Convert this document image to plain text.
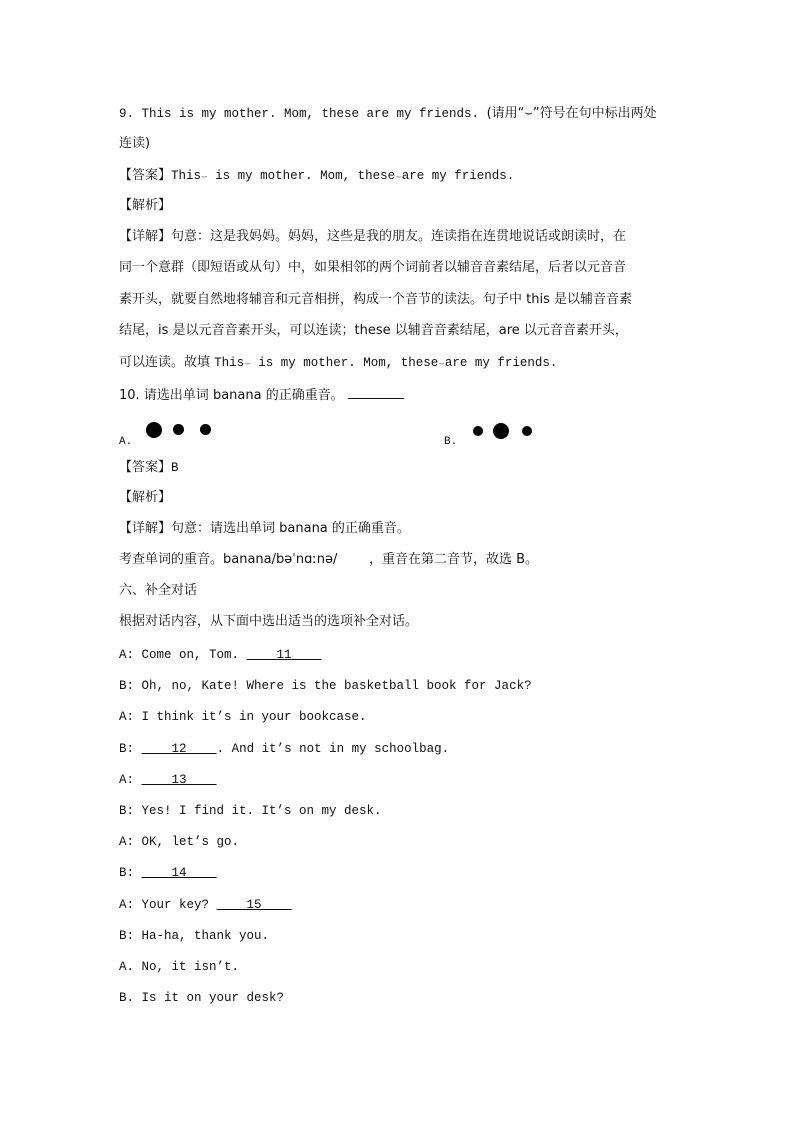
9. This is my mother. Mom, these are my friends. (请用“⌣”符号在句中标出两处
连读)
【答案】This⌣ is my mother. Mom, these⌣are my friends.
【解析】
【详解】句意：这是我妈妈。妈妈，这些是我的朋友。连读指在连贯地说话或朗读时，在
同一个意群（即短语或从句）中，如果相邻的两个词前者以辅音音素结尾，后者以元音音
素开头，就要自然地将辅音和元音相拼，构成一个音节的读法。句子中 this 是以辅音音素
结尾，is 是以元音音素开头，可以连读；these 以辅音音素结尾，are 以元音音素开头，
可以连读。故填 This⌣ is my mother. Mom, these⌣are my friends.
10. 请选出单词 banana 的正确重音。
A.	B.
【答案】B
【解析】
【详解】句意：请选出单词 banana 的正确重音。
考查单词的重音。banana/bəˈnɑːnə/ ，重音在第二音节，故选 B。
六、补全对话
根据对话内容，从下面中选出适当的选项补全对话。
A: Come on, Tom.     11
B: Oh, no, Kate! Where is the basketball book for Jack?
A: I think it’s in your bookcase.
B:     12 . And it’s not in my schoolbag.
A:     13
B: Yes! I find it. It’s on my desk.
A: OK, let’s go.
B:     14
A: Your key?     15
B: Ha-ha, thank you.
A. No, it isn’t.
B. Is it on your desk?
